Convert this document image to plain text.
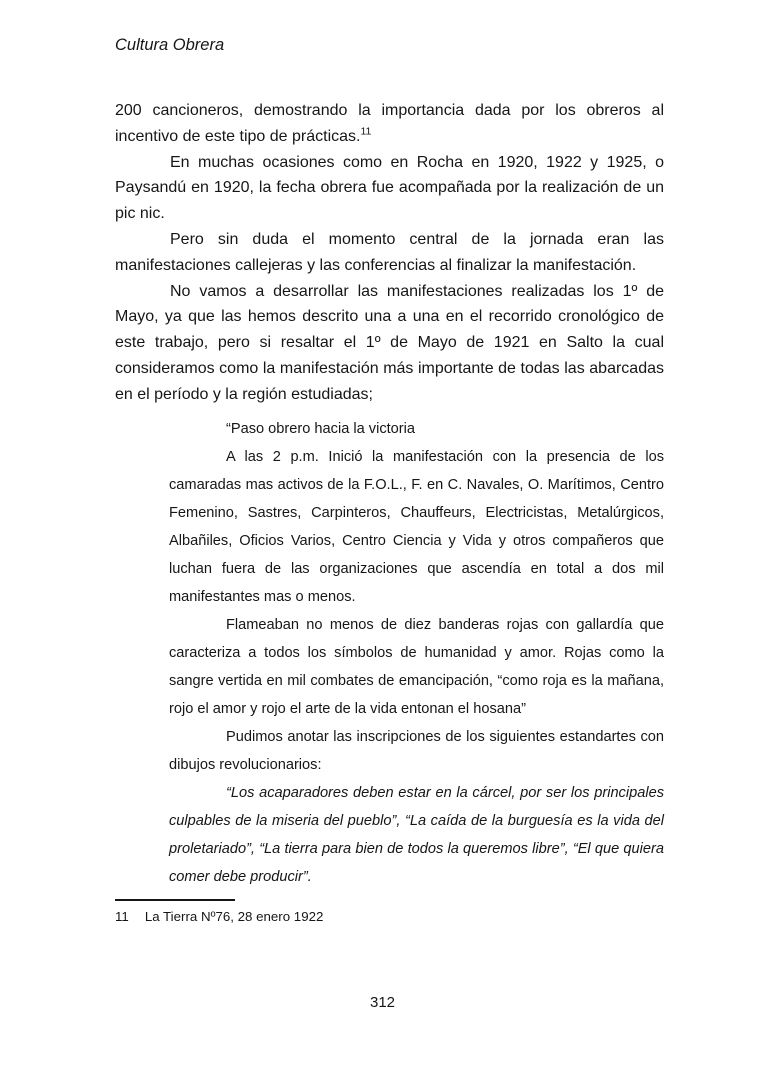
Cultura Obrera

200 cancioneros, demostrando la importancia dada por los obreros al incentivo de este tipo de prácticas.$^{11}$

En muchas ocasiones como en Rocha en 1920, 1922 y 1925, o Paysandú en 1920, la fecha obrera fue acompañada por la realización de un pic nic.

Pero sin duda el momento central de la jornada eran las manifestaciones callejeras y las conferencias al finalizar la manifestación.

No vamos a desarrollar las manifestaciones realizadas los 1º de Mayo, ya que las hemos descrito una a una en el recorrido cronológico de este trabajo, pero si resaltar el 1º de Mayo de 1921 en Salto la cual consideramos como la manifestación más importante de todas las abarcadas en el período y la región estudiadas;

“Paso obrero hacia la victoria

A las 2 p.m. Inició la manifestación con la presencia de los camaradas mas activos de la F.O.L., F. en C. Navales, O. Marítimos, Centro Femenino, Sastres, Carpinteros, Chauffeurs, Electricistas, Metalúrgicos, Albañiles, Oficios Varios, Centro Ciencia y Vida y otros compañeros que luchan fuera de las organizaciones que ascendía en total a dos mil manifestantes mas o menos.

Flameaban no menos de diez banderas rojas con gallardía que caracteriza a todos los símbolos de humanidad y amor. Rojas como la sangre vertida en mil combates de emancipación, “como roja es la mañana, rojo el amor y rojo el arte de la vida entonan el hosana”

Pudimos anotar las inscripciones de los siguientes estandartes con dibujos revolucionarios:

“Los acaparadores deben estar en la cárcel, por ser los principales culpables de la miseria del pueblo”, “La caída de la burguesía es la vida del proletariado”, “La tierra para bien de todos la queremos libre”, “El que quiera comer debe producir”.

11 La Tierra Nº76, 28 enero 1922
312
